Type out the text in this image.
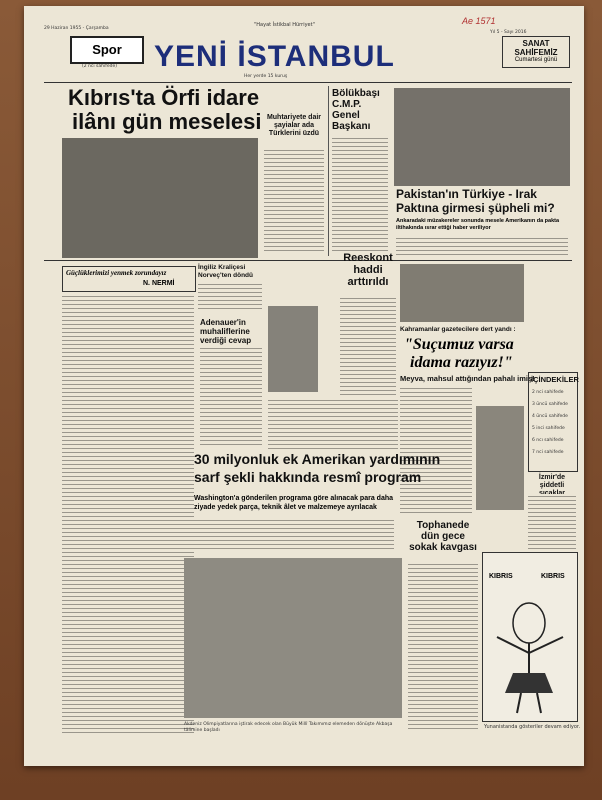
"Hayat İstikbal Hürriyet"	Ae 1571
29 Haziran 1955 - Çarşamba
Yıl 5 - Sayı 2016
Spor
(2 nci sahifede) YENİ İSTANBUL
Her yerde 15 kuruş
SANAT SAHİFEMİZ
Cumartesi günü
Kıbrıs'ta Örfi idare
ilânı gün meselesi Muhtariyete dair şayialar ada Türklerini üzdü
Bölükbaşı C.M.P. Genel Başkanı
Pakistan'ın Türkiye - Irak
Paktına girmesi şüpheli mi?
Ankaradaki müzakereler sonunda mesele Amerikanın da pakta iltihakında ısrar ettiği haber veriliyor
Güçlüklerimizi yenmek zorundayız
N. NERMİ
İngiliz Kraliçesi Norveç'ten döndü
Adenauer'in muhaliflerine verdiği cevap
Reeskont haddi arttırıldı
Kahramanlar gazetecilere dert yandı :
"Suçumuz varsa
idama razıyız!"
Meyva, mahsul attığından pahalı imiş!
İÇİNDEKİLER
2 nci sahifede
3 üncü sahifede
4 üncü sahifede
5 inci sahifede
6 ncı sahifede
7 nci sahifede
İzmir'de şiddetli
30 milyonluk ek Amerikan yardımının
sarf şekli hakkında resmî program
Washington'a gönderilen programa göre alınacak para daha ziyade yedek parça, teknik âlet ve malzemeye ayrılacak
Tophanede dün gece sokak kavgası
KIBRIS	KIBRIS
Yunanistanda gösteriler devam ediyor.
Akdeniz Olimpiyatlarına iştirak edecek olan Büyük Millî Takımımız elemeden dönüşte Akbaşa tâlimine başladı
